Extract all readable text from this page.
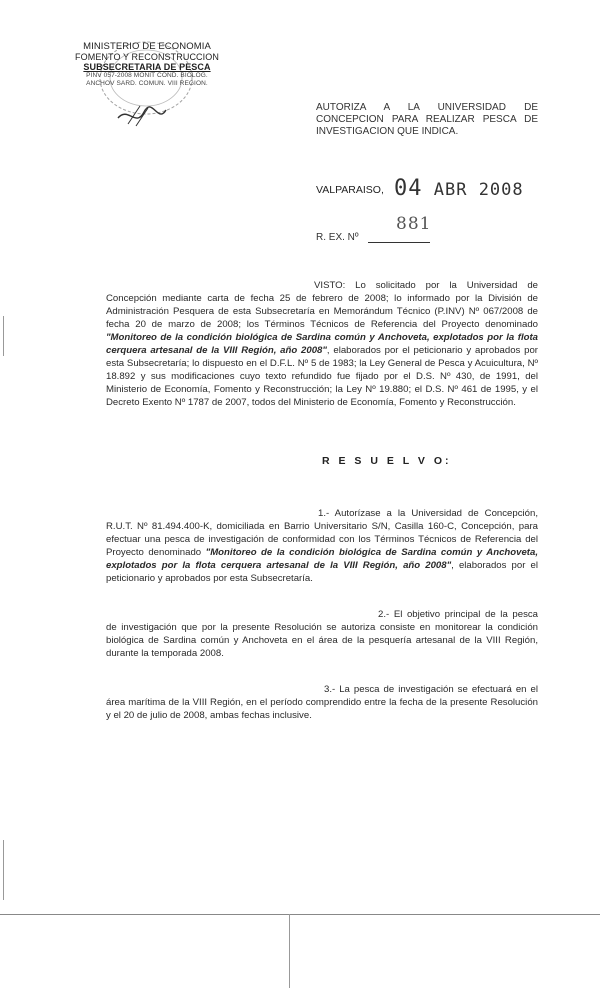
MINISTERIO DE ECONOMIA
FOMENTO Y RECONSTRUCCION
SUBSECRETARIA DE PESCA
PINV 057-2008 MONIT COND. BIOLOG.
ANCHOV SARD. COMUN. VIII REGION.
AUTORIZA A LA UNIVERSIDAD DE CONCEPCION PARA REALIZAR PESCA DE INVESTIGACION QUE INDICA.
VALPARAISO, 04 ABR 2008
R. EX. Nº
881
VISTO: Lo solicitado por la Universidad de Concepción mediante carta de fecha 25 de febrero de 2008; lo informado por la División de Administración Pesquera de esta Subsecretaría en Memorándum Técnico (P.INV) Nº 067/2008 de fecha 20 de marzo de 2008; los Términos Técnicos de Referencia del Proyecto denominado "Monitoreo de la condición biológica de Sardina común y Anchoveta, explotados por la flota cerquera artesanal de la VIII Región, año 2008", elaborados por el peticionario y aprobados por esta Subsecretaría; lo dispuesto en el D.F.L. Nº 5 de 1983; la Ley General de Pesca y Acuicultura, Nº 18.892 y sus modificaciones cuyo texto refundido fue fijado por el D.S. Nº 430, de 1991, del Ministerio de Economía, Fomento y Reconstrucción; la Ley Nº 19.880; el D.S. Nº 461 de 1995, y el Decreto Exento Nº 1787 de 2007, todos del Ministerio de Economía, Fomento y Reconstrucción.
R E S U E L V O:
1.- Autorízase a la Universidad de Concepción, R.U.T. Nº 81.494.400-K, domiciliada en Barrio Universitario S/N, Casilla 160-C, Concepción, para efectuar una pesca de investigación de conformidad con los Términos Técnicos de Referencia del Proyecto denominado "Monitoreo de la condición biológica de Sardina común y Anchoveta, explotados por la flota cerquera artesanal de la VIII Región, año 2008", elaborados por el peticionario y aprobados por esta Subsecretaría.
2.- El objetivo principal de la pesca de investigación que por la presente Resolución se autoriza consiste en monitorear la condición biológica de Sardina común y Anchoveta en el área de la pesquería artesanal de la VIII Región, durante la temporada 2008.
3.- La pesca de investigación se efectuará en el área marítima de la VIII Región, en el período comprendido entre la fecha de la presente Resolución y el 20 de julio de 2008, ambas fechas inclusive.
